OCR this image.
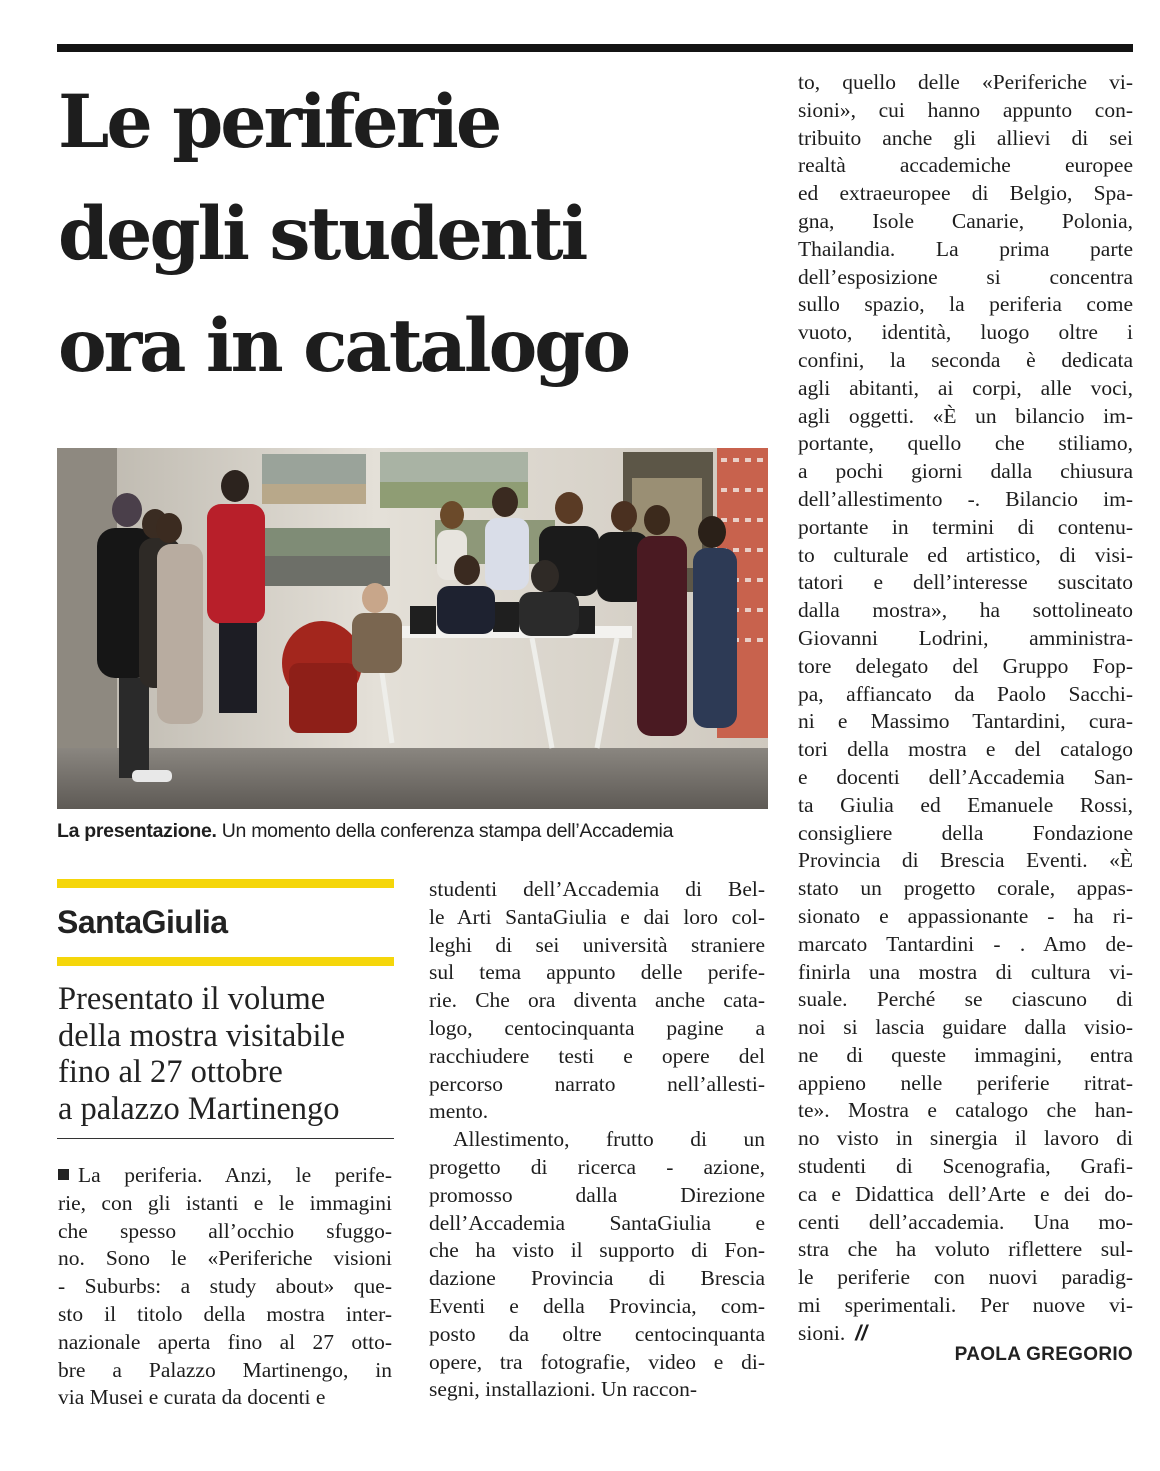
Le periferie
degli studenti
ora in catalogo
La presentazione. Un momento della conferenza stampa dell’Accademia
SantaGiulia
Presentato il volume
della mostra visitabile
fino al 27 ottobre
a palazzo Martinengo
La periferia. Anzi, le perife-
rie, con gli istanti e le immagini
che spesso all’occhio sfuggo-
no. Sono le «Periferiche visioni
- Suburbs: a study about» que-
sto il titolo della mostra inter-
nazionale aperta fino al 27 otto-
bre a Palazzo Martinengo, in
via Musei e curata da docenti e
studenti dell’Accademia di Bel-
le Arti SantaGiulia e dai loro col-
leghi di sei università straniere
sul tema appunto delle perife-
rie. Che ora diventa anche cata-
logo, centocinquanta pagine a
racchiudere testi e opere del
percorso narrato nell’allesti-
mento.
Allestimento, frutto di un
progetto di ricerca - azione,
promosso dalla Direzione
dell’Accademia SantaGiulia e
che ha visto il supporto di Fon-
dazione Provincia di Brescia
Eventi e della Provincia, com-
posto da oltre centocinquanta
opere, tra fotografie, video e di-
segni, installazioni. Un raccon-
to, quello delle «Periferiche vi-
sioni», cui hanno appunto con-
tribuito anche gli allievi di sei
realtà accademiche europee
ed extraeuropee di Belgio, Spa-
gna, Isole Canarie, Polonia,
Thailandia. La prima parte
dell’esposizione si concentra
sullo spazio, la periferia come
vuoto, identità, luogo oltre i
confini, la seconda è dedicata
agli abitanti, ai corpi, alle voci,
agli oggetti. «È un bilancio im-
portante, quello che stiliamo,
a pochi giorni dalla chiusura
dell’allestimento -. Bilancio im-
portante in termini di contenu-
to culturale ed artistico, di visi-
tatori e dell’interesse suscitato
dalla mostra», ha sottolineato
Giovanni Lodrini, amministra-
tore delegato del Gruppo Fop-
pa, affiancato da Paolo Sacchi-
ni e Massimo Tantardini, cura-
tori della mostra e del catalogo
e docenti dell’Accademia San-
ta Giulia ed Emanuele Rossi,
consigliere della Fondazione
Provincia di Brescia Eventi. «È
stato un progetto corale, appas-
sionato e appassionante - ha ri-
marcato Tantardini - . Amo de-
finirla una mostra di cultura vi-
suale. Perché se ciascuno di
noi si lascia guidare dalla visio-
ne di queste immagini, entra
appieno nelle periferie ritrat-
te». Mostra e catalogo che han-
no visto in sinergia il lavoro di
studenti di Scenografia, Grafi-
ca e Didattica dell’Arte e dei do-
centi dell’accademia. Una mo-
stra che ha voluto riflettere sul-
le periferie con nuovi paradig-
mi sperimentali. Per nuove vi-
sioni. //
PAOLA GREGORIO
